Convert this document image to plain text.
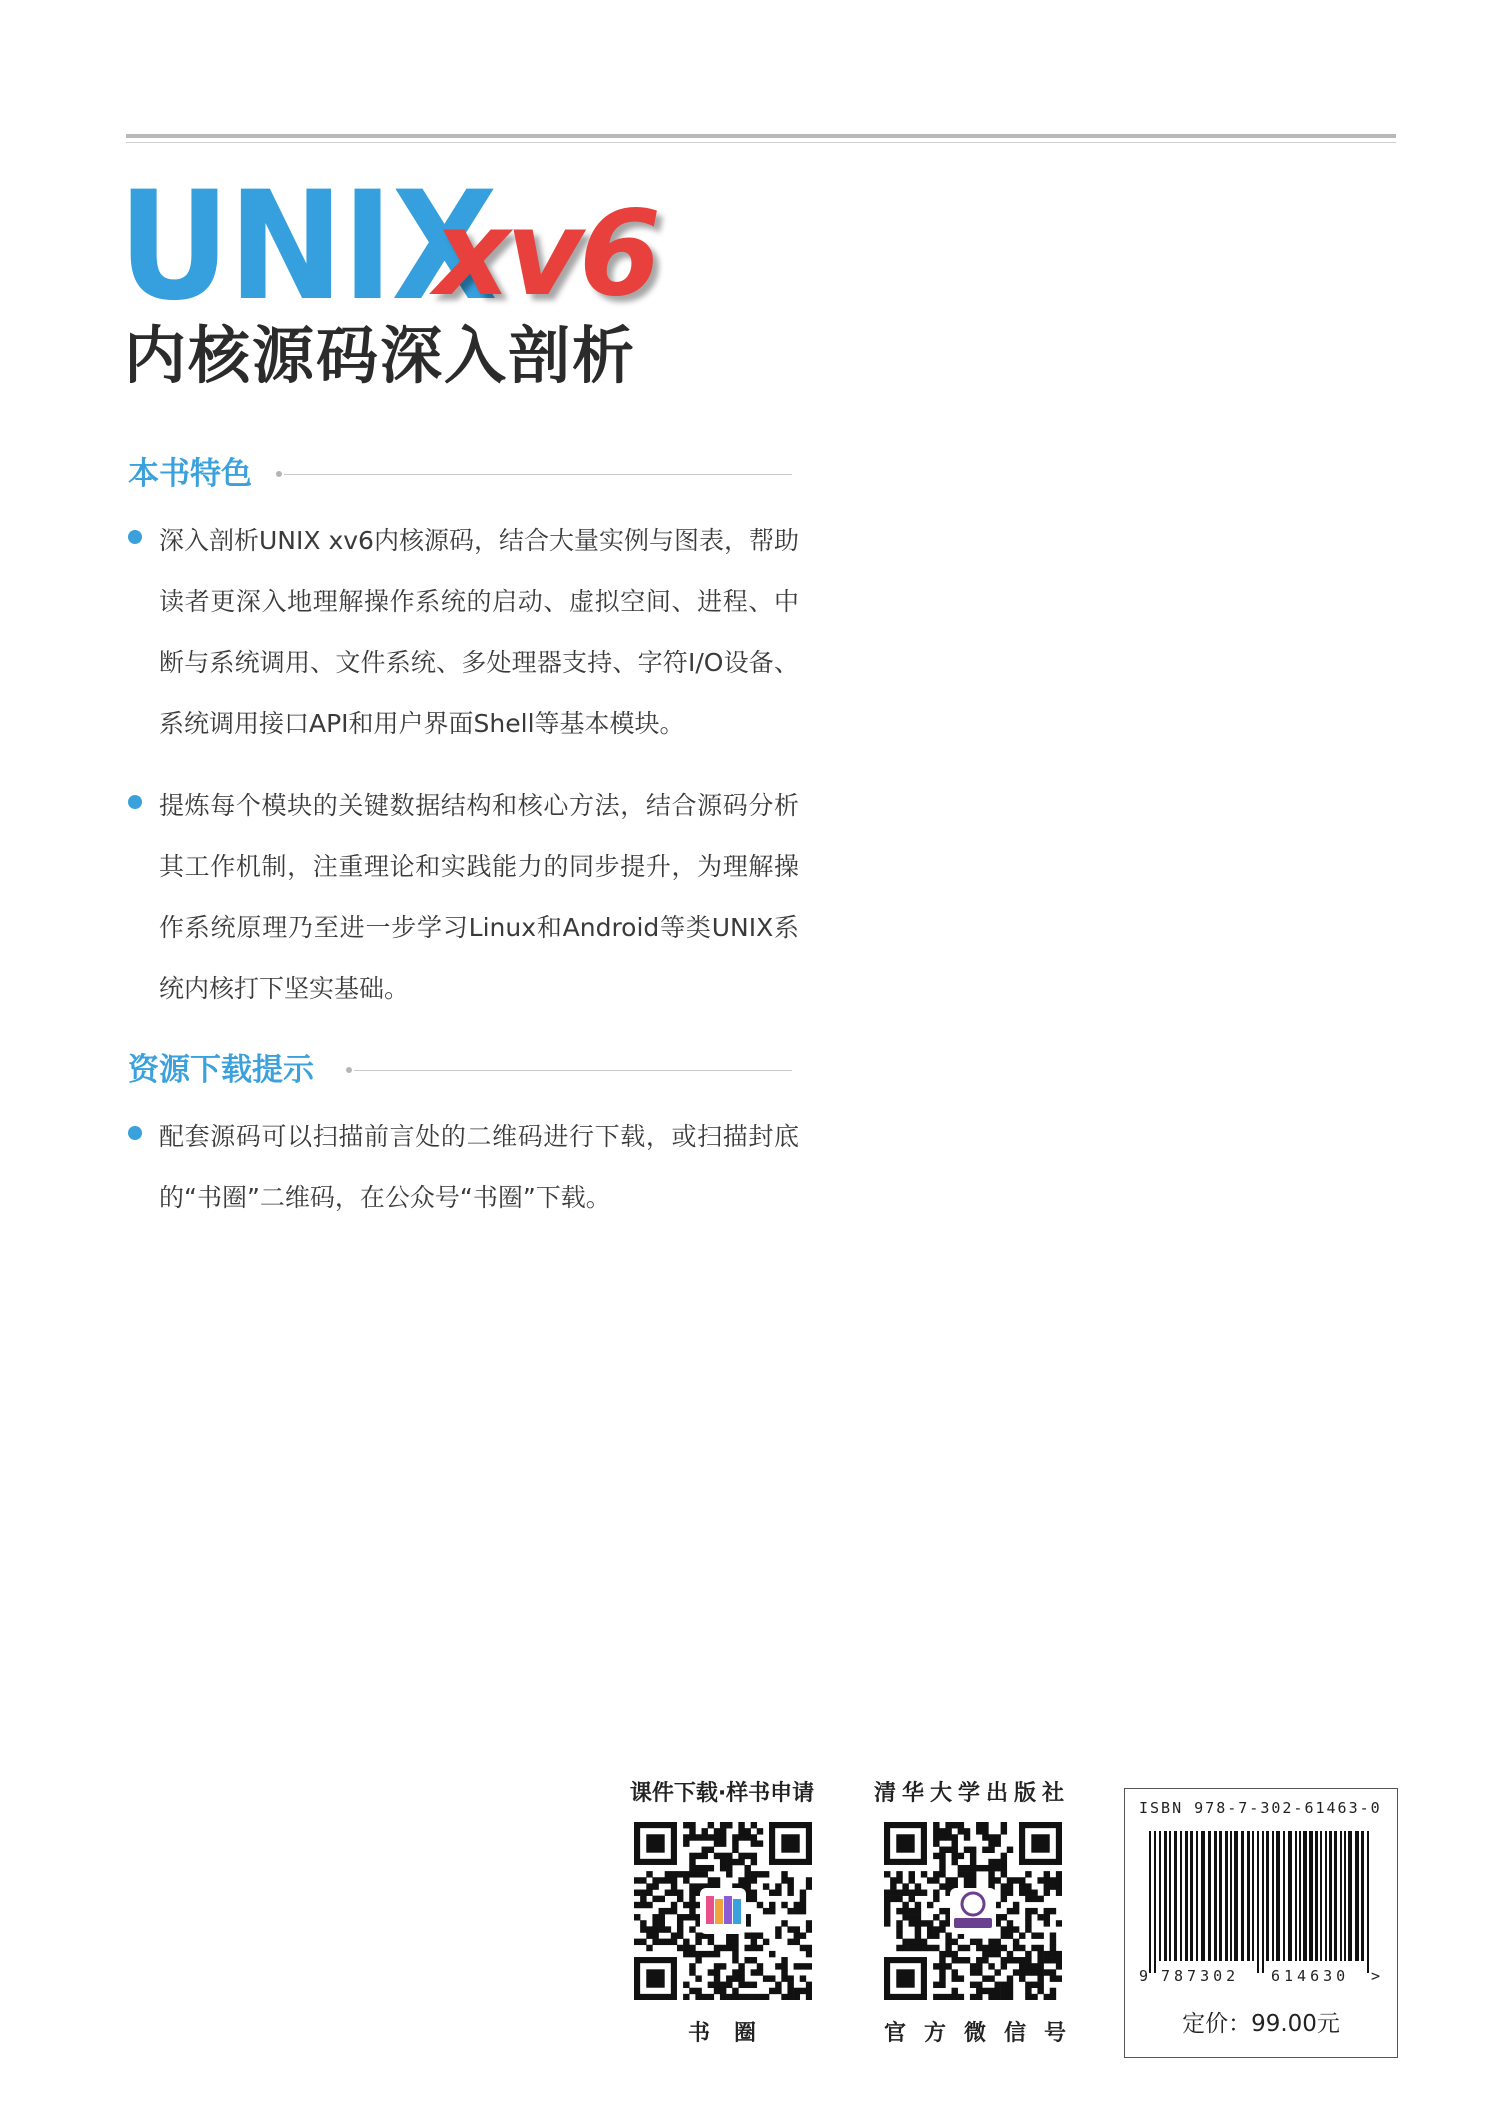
UNIX
xv6
内核源码深入剖析
本书特色
深入剖析UNIX xv6内核源码，结合大量实例与图表，帮助读者更深入地理解操作系统的启动、虚拟空间、进程、中断与系统调用、文件系统、多处理器支持、字符I/O设备、系统调用接口API和用户界面Shell等基本模块。
提炼每个模块的关键数据结构和核心方法，结合源码分析其工作机制，注重理论和实践能力的同步提升，为理解操作系统原理乃至进一步学习Linux和Android等类UNIX系统内核打下坚实基础。
资源下载提示
配套源码可以扫描前言处的二维码进行下载，或扫描封底的“书圈”二维码，在公众号“书圈”下载。
课件下载·样书申请
书圈
清华大学出版社
官方微信号
ISBN 978-7-302-61463-0
9 787302 614630 >
定价：99.00元
